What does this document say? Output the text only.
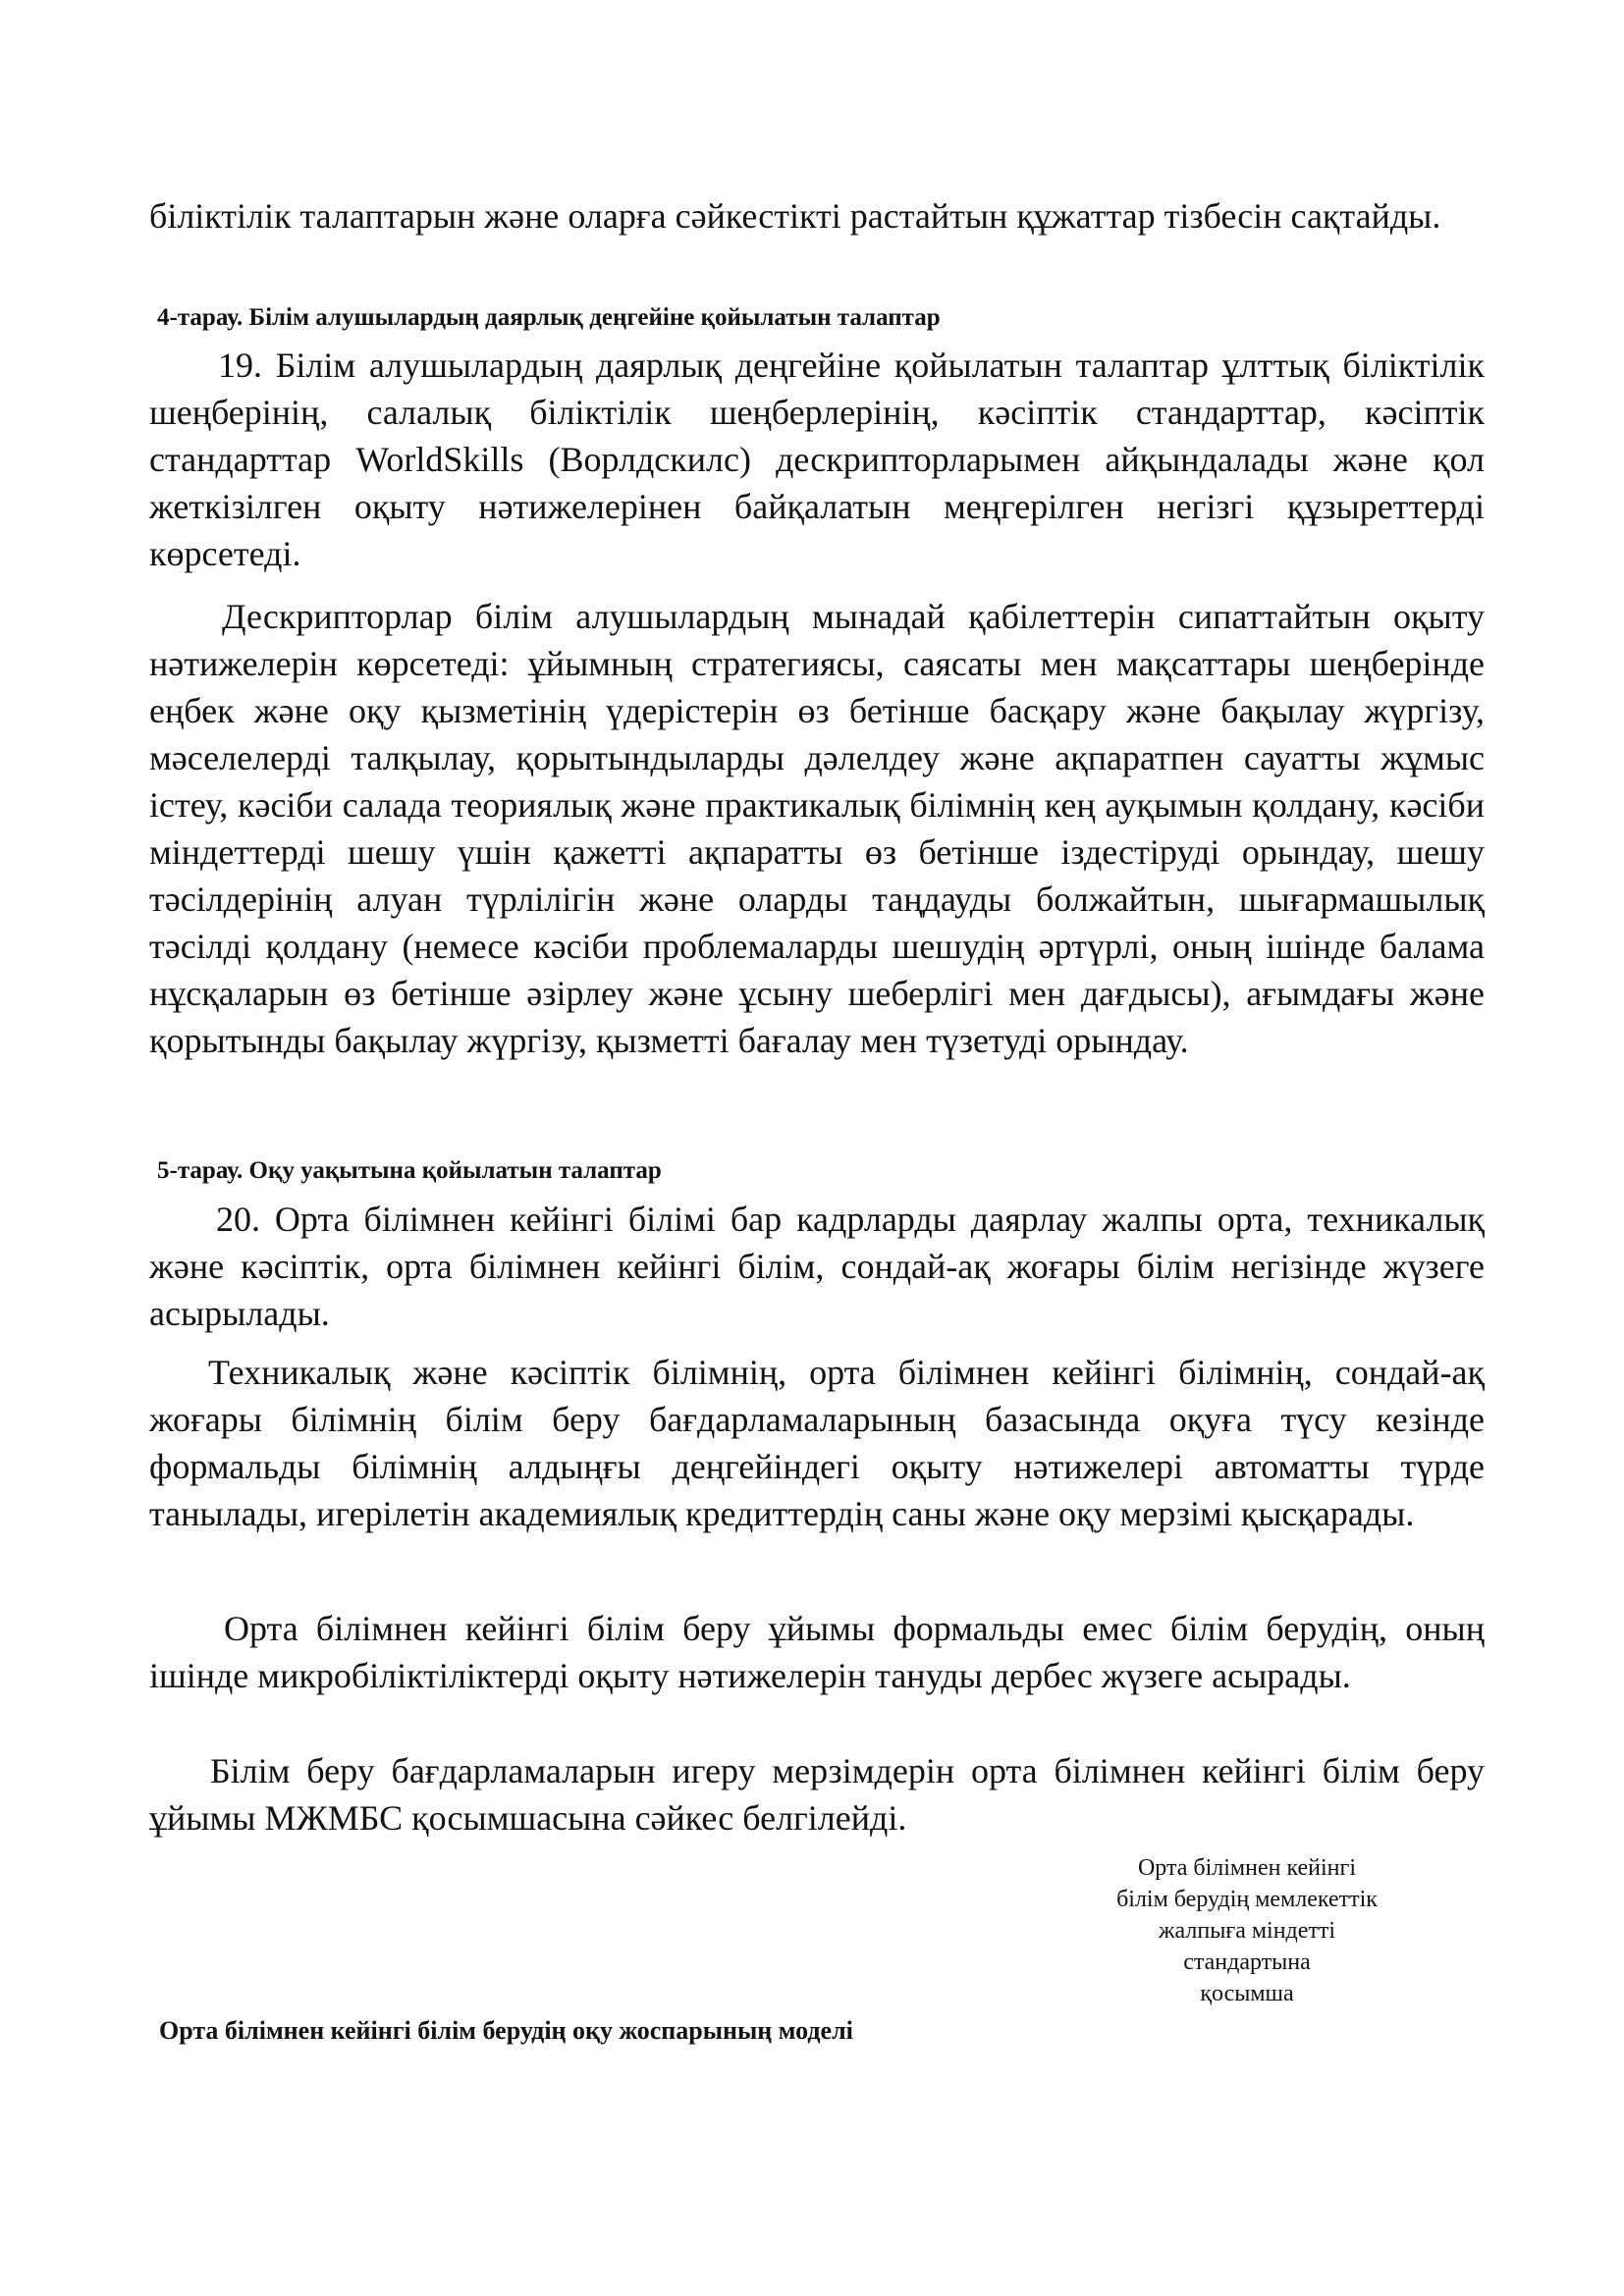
біліктілік талаптарын және оларға сәйкестікті растайтын құжаттар тізбесін сақтайды.

4-тарау. Білім алушылардың даярлық деңгейіне қойылатын талаптар

19. Білім алушылардың даярлық деңгейіне қойылатын талаптар ұлттық біліктілік шеңберінің, салалық біліктілік шеңберлерінің, кәсіптік стандарттар, кәсіптік стандарттар WorldSkills (Ворлдскилс) дескрипторларымен айқындалады және қол жеткізілген оқыту нәтижелерінен байқалатын меңгерілген негізгі құзыреттерді көрсетеді.

Дескрипторлар білім алушылардың мынадай қабілеттерін сипаттайтын оқыту нәтижелерін көрсетеді: ұйымның стратегиясы, саясаты мен мақсаттары шеңберінде еңбек және оқу қызметінің үдерістерін өз бетінше басқару және бақылау жүргізу, мәселелерді талқылау, қорытындыларды дәлелдеу және ақпаратпен сауатты жұмыс істеу, кәсіби салада теориялық және практикалық білімнің кең ауқымын қолдану, кәсіби міндеттерді шешу үшін қажетті ақпаратты өз бетінше іздестіруді орындау, шешу тәсілдерінің алуан түрлілігін және оларды таңдауды болжайтын, шығармашылық тәсілді қолдану (немесе кәсіби проблемаларды шешудің әртүрлі, оның ішінде балама нұсқаларын өз бетінше әзірлеу және ұсыну шеберлігі мен дағдысы), ағымдағы және қорытынды бақылау жүргізу, қызметті бағалау мен түзетуді орындау.

5-тарау. Оқу уақытына қойылатын талаптар

20. Орта білімнен кейінгі білімі бар кадрларды даярлау жалпы орта, техникалық және кәсіптік, орта білімнен кейінгі білім, сондай-ақ жоғары білім негізінде жүзеге асырылады.

Техникалық және кәсіптік білімнің, орта білімнен кейінгі білімнің, сондай-ақ жоғары білімнің білім беру бағдарламаларының базасында оқуға түсу кезінде формальды білімнің алдыңғы деңгейіндегі оқыту нәтижелері автоматты түрде танылады, игерілетін академиялық кредиттердің саны және оқу мерзімі қысқарады.

Орта білімнен кейінгі білім беру ұйымы формальды емес білім берудің, оның ішінде микробіліктіліктерді оқыту нәтижелерін тануды дербес жүзеге асырады.

Білім беру бағдарламаларын игеру мерзімдерін орта білімнен кейінгі білім беру ұйымы МЖМБС қосымшасына сәйкес белгілейді.

Орта білімнен кейінгі
білім берудің мемлекеттік
жалпыға міндетті
стандартына
қосымша

Орта білімнен кейінгі білім берудің оқу жоспарының моделі
